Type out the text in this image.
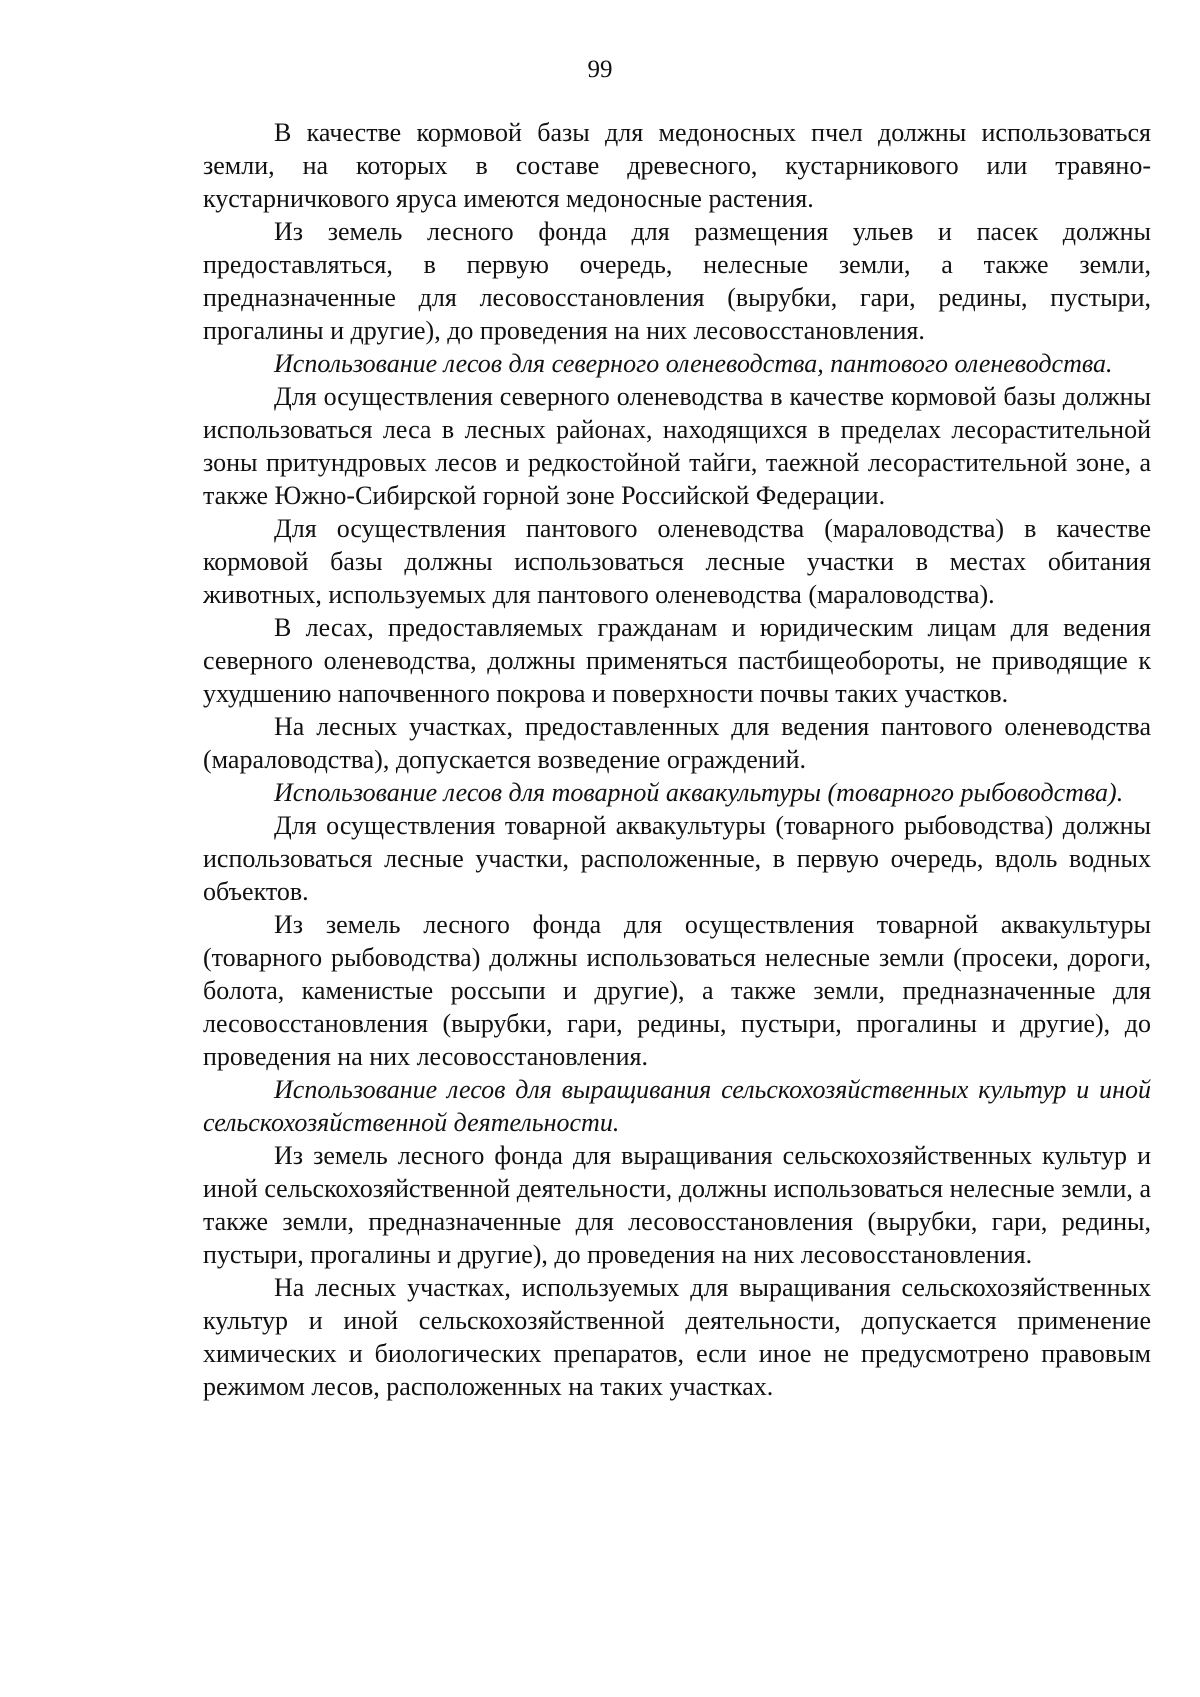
99

В качестве кормовой базы для медоносных пчел должны использоваться земли, на которых в составе древесного, кустарникового или травяно-кустарничкового яруса имеются медоносные растения.

Из земель лесного фонда для размещения ульев и пасек должны предоставляться, в первую очередь, нелесные земли, а также земли, предназначенные для лесовосстановления (вырубки, гари, редины, пустыри, прогалины и другие), до проведения на них лесовосстановления.

Использование лесов для северного оленеводства, пантового оленеводства.

Для осуществления северного оленеводства в качестве кормовой базы должны использоваться леса в лесных районах, находящихся в пределах лесорастительной зоны притундровых лесов и редкостойной тайги, таежной лесорастительной зоне, а также Южно-Сибирской горной зоне Российской Федерации.

Для осуществления пантового оленеводства (мараловодства) в качестве кормовой базы должны использоваться лесные участки в местах обитания животных, используемых для пантового оленеводства (мараловодства).

В лесах, предоставляемых гражданам и юридическим лицам для ведения северного оленеводства, должны применяться пастбищеобороты, не приводящие к ухудшению напочвенного покрова и поверхности почвы таких участков.

На лесных участках, предоставленных для ведения пантового оленеводства (мараловодства), допускается возведение ограждений.

Использование лесов для товарной аквакультуры (товарного рыбоводства).

Для осуществления товарной аквакультуры (товарного рыбоводства) должны использоваться лесные участки, расположенные, в первую очередь, вдоль водных объектов.

Из земель лесного фонда для осуществления товарной аквакультуры (товарного рыбоводства) должны использоваться нелесные земли (просеки, дороги, болота, каменистые россыпи и другие), а также земли, предназначенные для лесовосстановления (вырубки, гари, редины, пустыри, прогалины и другие), до проведения на них лесовосстановления.

Использование лесов для выращивания сельскохозяйственных культур и иной сельскохозяйственной деятельности.

Из земель лесного фонда для выращивания сельскохозяйственных культур и иной сельскохозяйственной деятельности, должны использоваться нелесные земли, а также земли, предназначенные для лесовосстановления (вырубки, гари, редины, пустыри, прогалины и другие), до проведения на них лесовосстановления.

На лесных участках, используемых для выращивания сельскохозяйственных культур и иной сельскохозяйственной деятельности, допускается применение химических и биологических препаратов, если иное не предусмотрено правовым режимом лесов, расположенных на таких участках.
